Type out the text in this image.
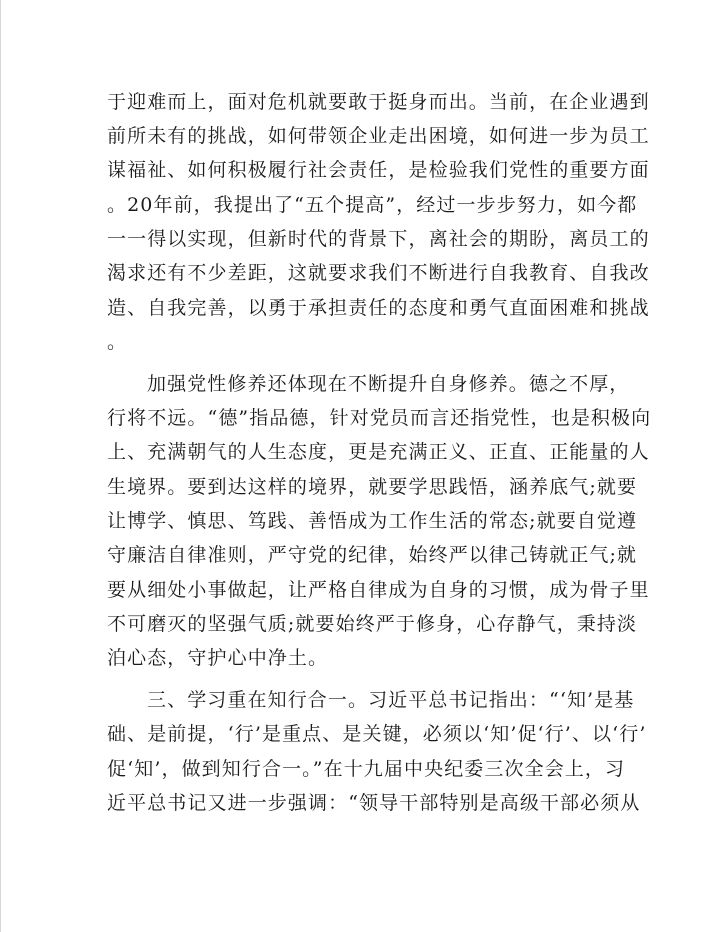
于迎难而上，面对危机就要敢于挺身而出。当前，在企业遇到
前所未有的挑战，如何带领企业走出困境，如何进一步为员工
谋福祉、如何积极履行社会责任，是检验我们党性的重要方面
。20年前，我提出了“五个提高”，经过一步步努力，如今都
一一得以实现，但新时代的背景下，离社会的期盼，离员工的
渴求还有不少差距，这就要求我们不断进行自我教育、自我改
造、自我完善，以勇于承担责任的态度和勇气直面困难和挑战
。
加强党性修养还体现在不断提升自身修养。德之不厚，
行将不远。“德”指品德，针对党员而言还指党性，也是积极向
上、充满朝气的人生态度，更是充满正义、正直、正能量的人
生境界。要到达这样的境界，就要学思践悟，涵养底气;就要
让博学、慎思、笃践、善悟成为工作生活的常态;就要自觉遵
守廉洁自律准则，严守党的纪律，始终严以律己铸就正气;就
要从细处小事做起，让严格自律成为自身的习惯，成为骨子里
不可磨灭的坚强气质;就要始终严于修身，心存静气，秉持淡
泊心态，守护心中净土。
三、学习重在知行合一。习近平总书记指出：“‘知’是基
础、是前提，‘行’是重点、是关键，必须以‘知’促‘行’、以‘行’
促‘知’，做到知行合一。”在十九届中央纪委三次全会上，习
近平总书记又进一步强调：“领导干部特别是高级干部必须从
